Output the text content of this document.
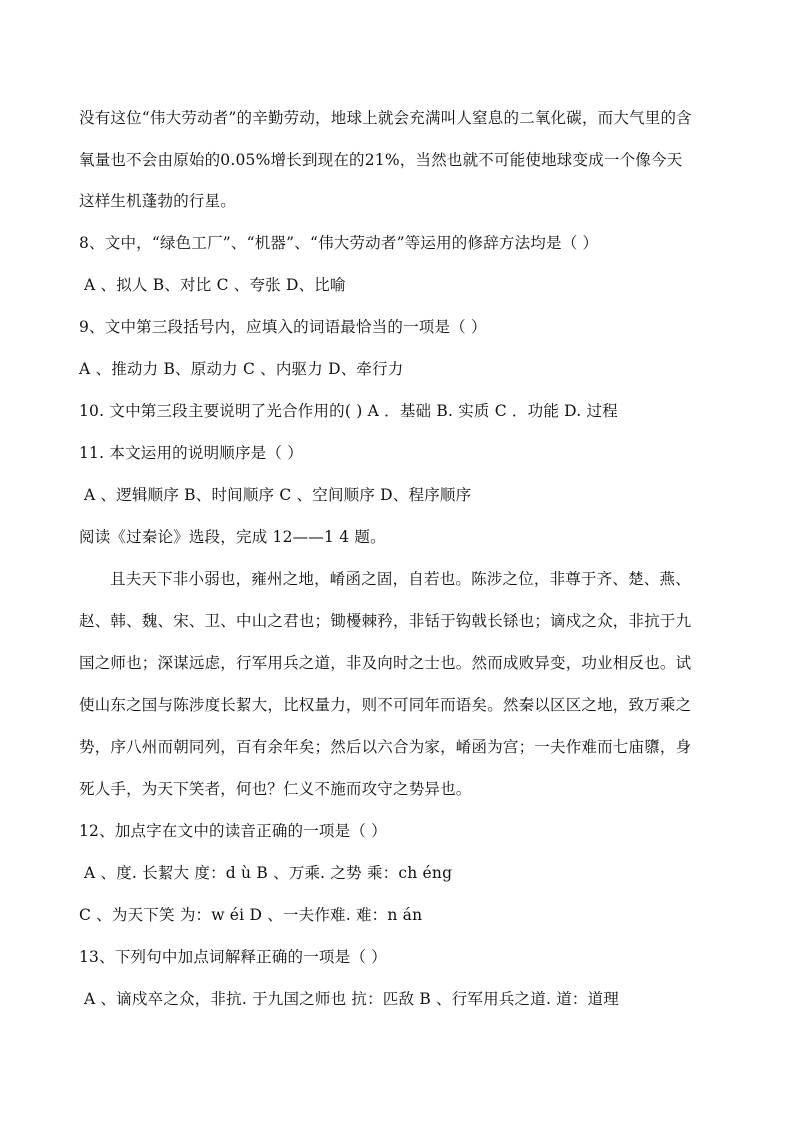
没有这位“伟大劳动者”的辛勤劳动，地球上就会充满叫人窒息的二氧化碳，而大气里的含
氧量也不会由原始的0.05%增长到现在的21%，当然也就不可能使地球变成一个像今天
这样生机蓬勃的行星。
8、文中，“绿色工厂”、“机器”、“伟大劳动者”等运用的修辞方法均是（ ）
A 、拟人 B、对比 C 、夸张 D、比喻
9、文中第三段括号内，应填入的词语最恰当的一项是（ ）
A 、推动力 B、原动力 C 、内驱力 D、牵行力
10. 文中第三段主要说明了光合作用的( ) A ．基础 B. 实质 C ．功能 D. 过程
11. 本文运用的说明顺序是（ ）
A 、逻辑顺序 B、时间顺序 C 、空间顺序 D、程序顺序
阅读《过秦论》选段，完成 12——1 4 题。
且夫天下非小弱也，雍州之地，崤函之固，自若也。陈涉之位，非尊于齐、楚、燕、
赵、韩、魏、宋、卫、中山之君也；锄櫌棘矜，非铦于钩戟长铩也；谪戍之众，非抗于九
国之师也；深谋远虑，行军用兵之道，非及向时之士也。然而成败异变，功业相反也。试
使山东之国与陈涉度长絜大，比权量力，则不可同年而语矣。然秦以区区之地，致万乘之
势，序八州而朝同列，百有余年矣；然后以六合为家，崤函为宫；一夫作难而七庙隳，身
死人手，为天下笑者，何也？仁义不施而攻守之势异也。
12、加点字在文中的读音正确的一项是（ ）
A 、度. 长絜大 度：d ù B 、万乘. 之势 乘：ch éng
C 、为天下笑 为：w éi D 、一夫作难. 难：n án
13、下列句中加点词解释正确的一项是（ ）
A 、谪戍卒之众，非抗. 于九国之师也 抗：匹敌 B 、行军用兵之道. 道：道理
